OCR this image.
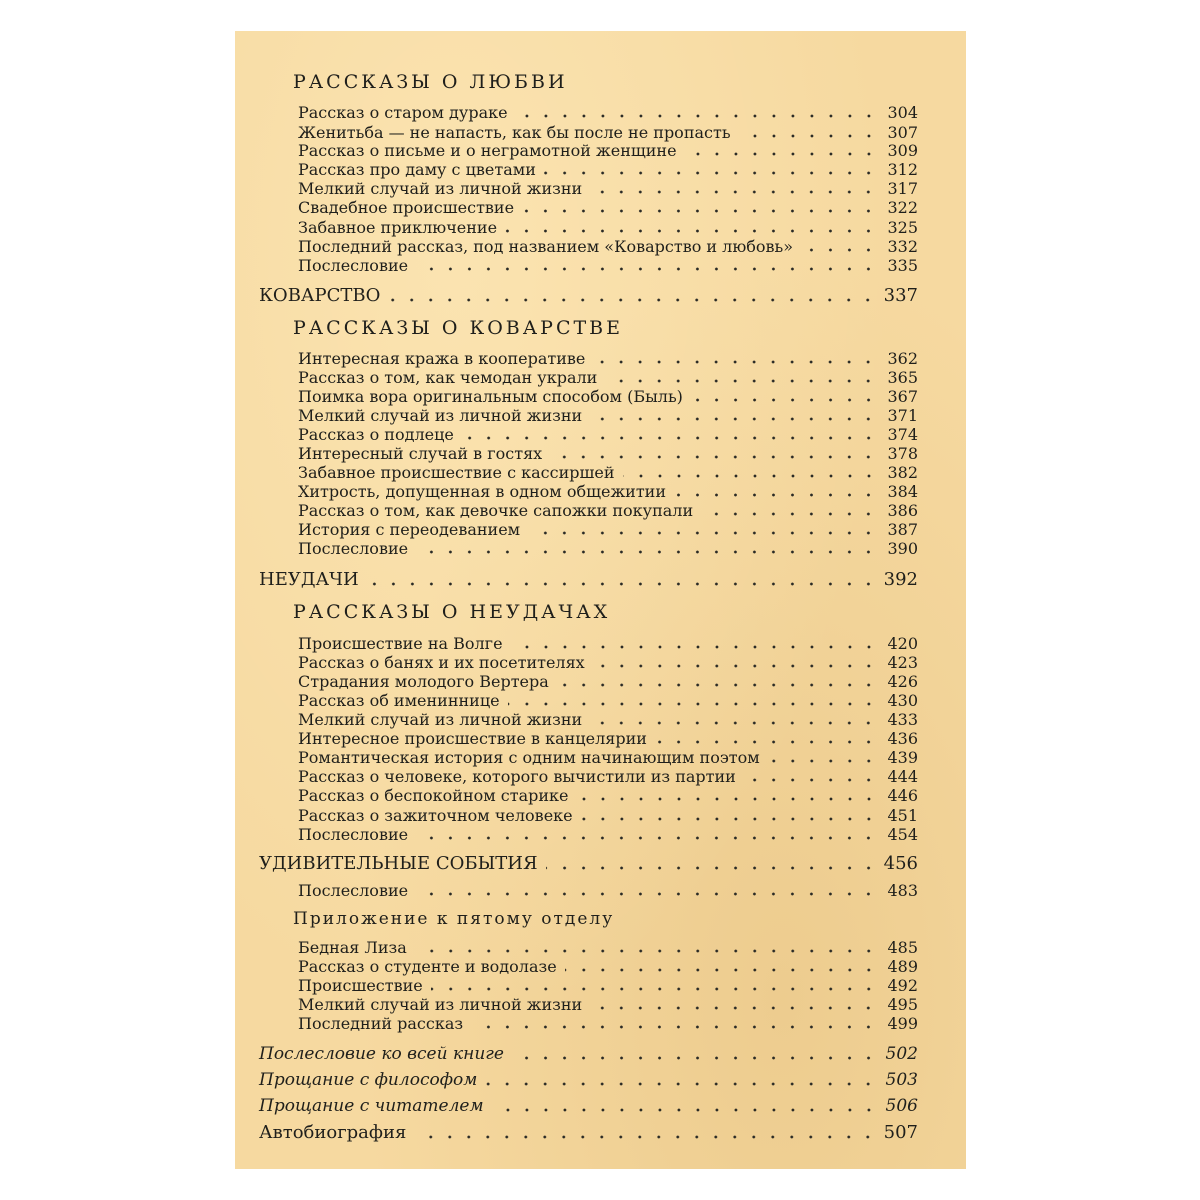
РАССКАЗЫ О ЛЮБВИ
Рассказ о старом дураке	304
Женитьба — не напасть, как бы после не пропасть	307
Рассказ о письме и о неграмотной женщине	309
Рассказ про даму с цветами	312
Мелкий случай из личной жизни	317
Свадебное происшествие	322
Забавное приключение	325
Последний рассказ, под названием «Коварство и любовь»	332
Послесловие	335
КОВАРСТВО	337
РАССКАЗЫ О КОВАРСТВЕ
Интересная кража в кооперативе	362
Рассказ о том, как чемодан украли	365
Поимка вора оригинальным способом (Быль)	367
Мелкий случай из личной жизни	371
Рассказ о подлеце	374
Интересный случай в гостях	378
Забавное происшествие с кассиршей	382
Хитрость, допущенная в одном общежитии	384
Рассказ о том, как девочке сапожки покупали	386
История с переодеванием	387
Послесловие	390
НЕУДАЧИ	392
РАССКАЗЫ О НЕУДАЧАХ
Происшествие на Волге	420
Рассказ о банях и их посетителях	423
Страдания молодого Вертера	426
Рассказ об имениннице	430
Мелкий случай из личной жизни	433
Интересное происшествие в канцелярии	436
Романтическая история с одним начинающим поэтом	439
Рассказ о человеке, которого вычистили из партии	444
Рассказ о беспокойном старике	446
Рассказ о зажиточном человеке	451
Послесловие	454
УДИВИТЕЛЬНЫЕ СОБЫТИЯ	456
Послесловие	483
Приложение к пятому отделу
Бедная Лиза	485
Рассказ о студенте и водолазе	489
Происшествие	492
Мелкий случай из личной жизни	495
Последний рассказ	499
Послесловие ко всей книге	502
Прощание с философом	503
Прощание с читателем	506
Автобиография	507
